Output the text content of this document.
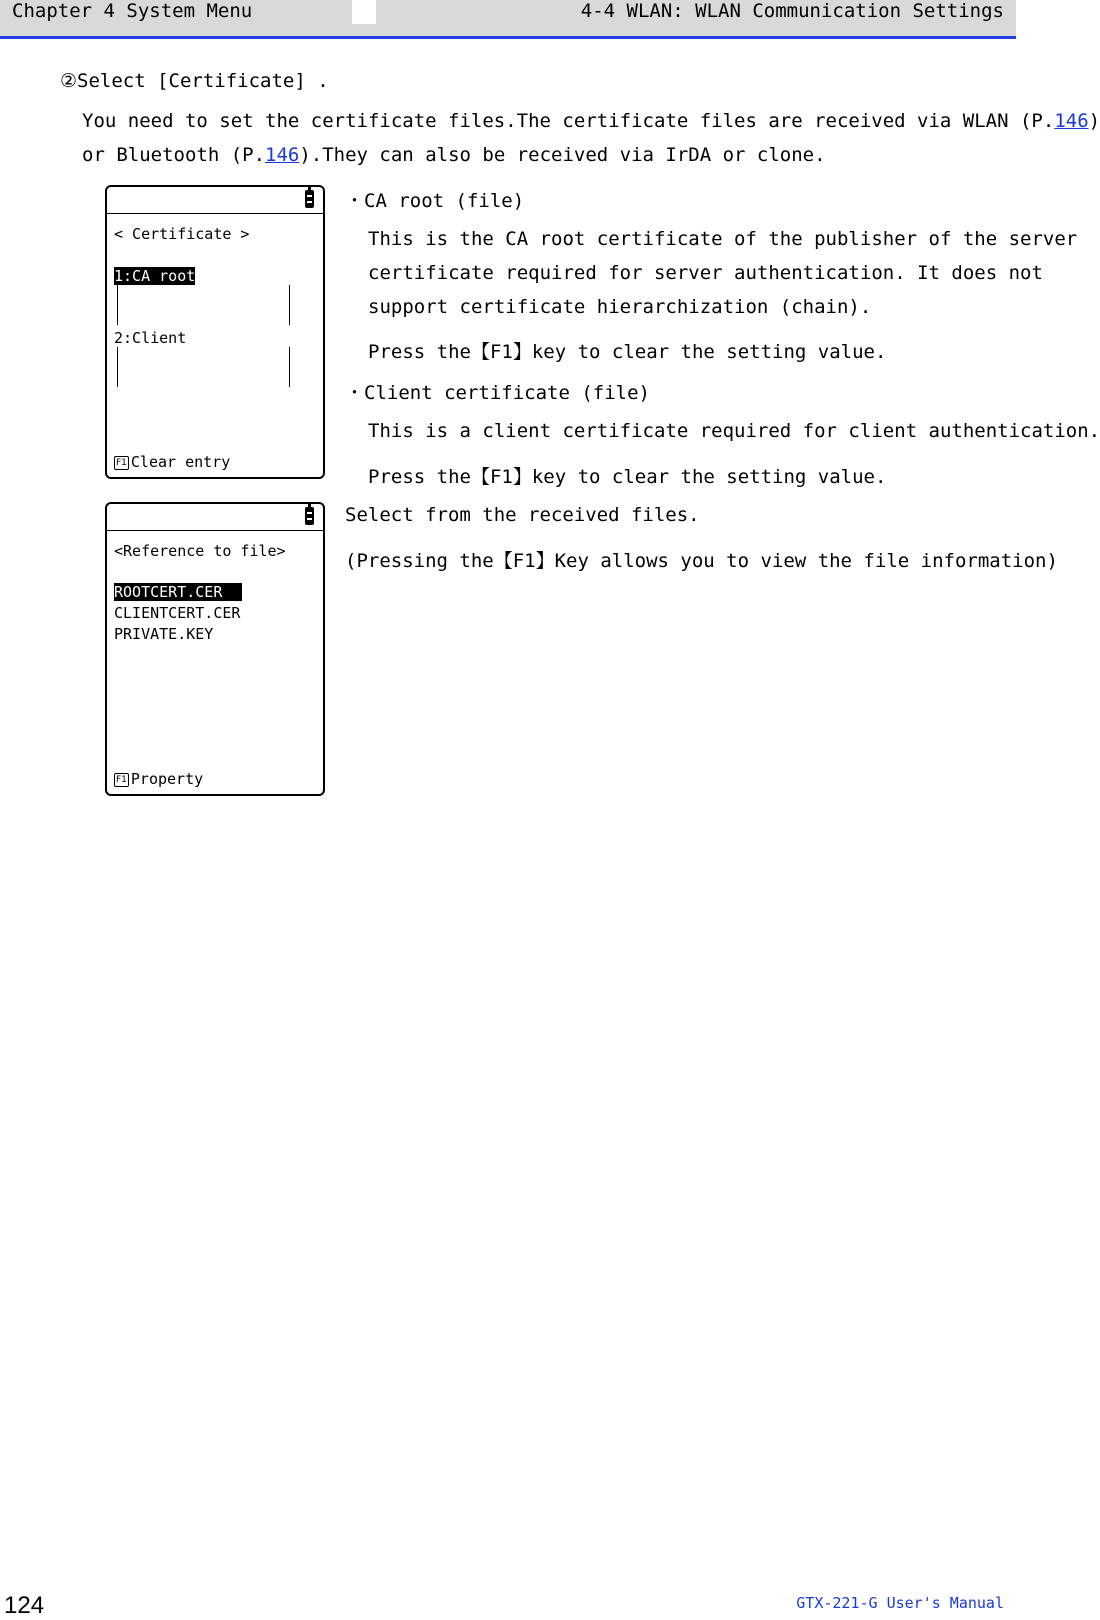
Chapter 4 System Menu	4-4 WLAN: WLAN Communication Settings
②Select [Certificate] .
You need to set the certificate files.The certificate files are received via WLAN (P.146)
or Bluetooth (P.146).They can also be received via IrDA or clone.
< Certificate >
1:CA root
2:Client
F1 Clear entry
<Reference to file>
ROOTCERT.CER
CLIENTCERT.CER
PRIVATE.KEY
F1 Property
・CA root (file)
This is the CA root certificate of the publisher of the server
certificate required for server authentication. It does not
support certificate hierarchization (chain).
Press the【F1】key to clear the setting value.
・Client certificate (file)
This is a client certificate required for client authentication.
Press the【F1】key to clear the setting value.
Select from the received files.
(Pressing the【F1】Key allows you to view the file information)
124	GTX-221-G User's Manual
